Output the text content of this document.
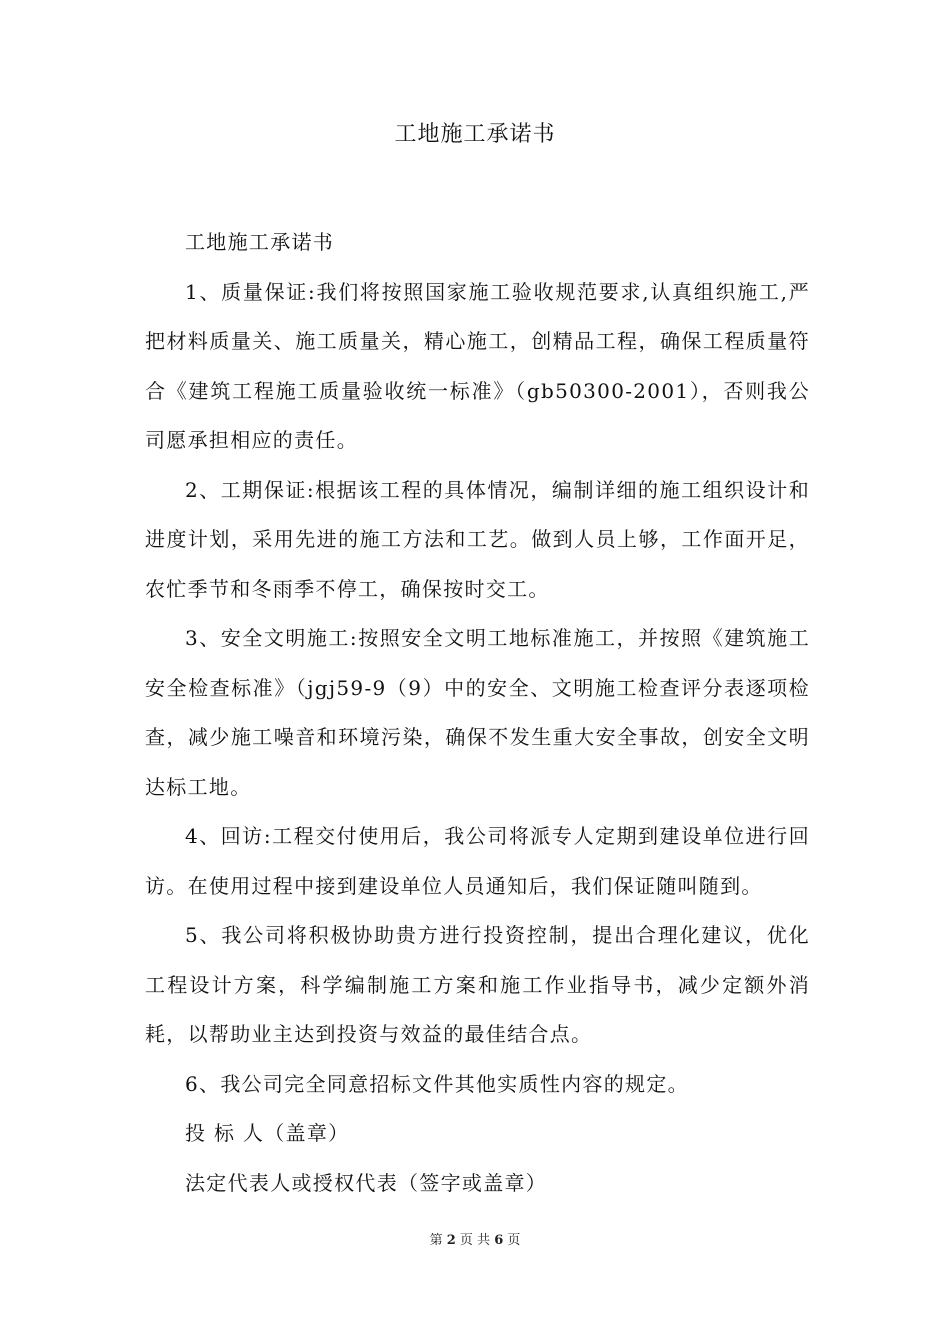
工地施工承诺书

工地施工承诺书

1、质量保证:我们将按照国家施工验收规范要求,认真组织施工,严把材料质量关、施工质量关，精心施工，创精品工程，确保工程质量符合《建筑工程施工质量验收统一标准》（gb50300-2001），否则我公司愿承担相应的责任。

2、工期保证:根据该工程的具体情况，编制详细的施工组织设计和进度计划，采用先进的施工方法和工艺。做到人员上够，工作面开足，农忙季节和冬雨季不停工，确保按时交工。

3、安全文明施工:按照安全文明工地标准施工，并按照《建筑施工安全检查标准》（jgj59-9（9）中的安全、文明施工检查评分表逐项检查，减少施工噪音和环境污染，确保不发生重大安全事故，创安全文明达标工地。

4、回访:工程交付使用后，我公司将派专人定期到建设单位进行回访。在使用过程中接到建设单位人员通知后，我们保证随叫随到。

5、我公司将积极协助贵方进行投资控制，提出合理化建议，优化工程设计方案，科学编制施工方案和施工作业指导书，减少定额外消耗，以帮助业主达到投资与效益的最佳结合点。

6、我公司完全同意招标文件其他实质性内容的规定。

投 标 人（盖章）

法定代表人或授权代表（签字或盖章）

第 2 页 共 6 页
